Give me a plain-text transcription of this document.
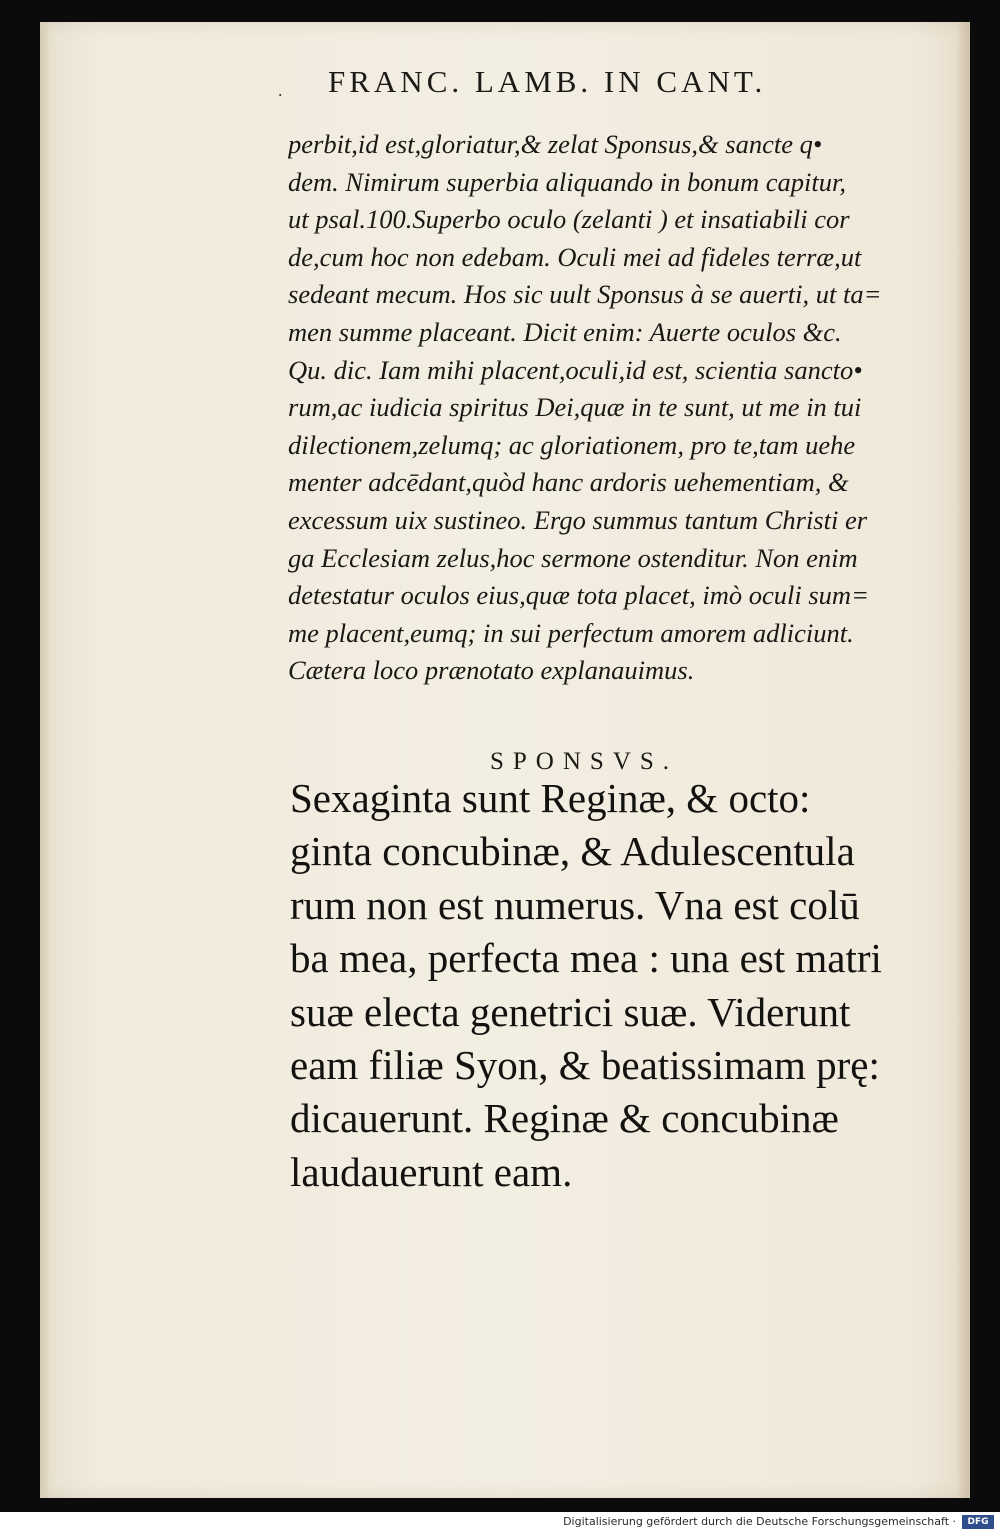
. FRANC. LAMB. IN CANT.
perbit,id est,gloriatur,& zelat Sponsus,& sancte q•
dem. Nimirum superbia aliquando in bonum capitur,
ut psal.100.Superbo oculo (zelanti ) et insatiabili cor
de,cum hoc non edebam. Oculi mei ad fideles terræ,ut
sedeant mecum. Hos sic uult Sponsus à se auerti, ut ta=
men summe placeant. Dicit enim: Auerte oculos &c.
Qu. dic. Iam mihi placent,oculi,id est, scientia sancto•
rum,ac iudicia spiritus Dei,quæ in te sunt, ut me in tui
dilectionem,zelumq; ac gloriationem, pro te,tam uehe
menter adcēdant,quòd hanc ardoris uehementiam, &
excessum uix sustineo. Ergo summus tantum Christi er
ga Ecclesiam zelus,hoc sermone ostenditur. Non enim
detestatur oculos eius,quæ tota placet, imò oculi sum=
me placent,eumq; in sui perfectum amorem adliciunt.
Cætera loco prænotato explanauimus.
SPONSVS.
Sexaginta sunt Reginæ, & octo:
ginta concubinæ, & Adulescentula
rum non est numerus. Vna est colū
ba mea, perfecta mea : una est matri
suæ electa genetrici suæ. Viderunt
eam filiæ Syon, & beatissimam prę:
dicauerunt. Reginæ & concubinæ
laudauerunt eam.
Digitalisierung gefördert durch die Deutsche Forschungsgemeinschaft ·	DFG
